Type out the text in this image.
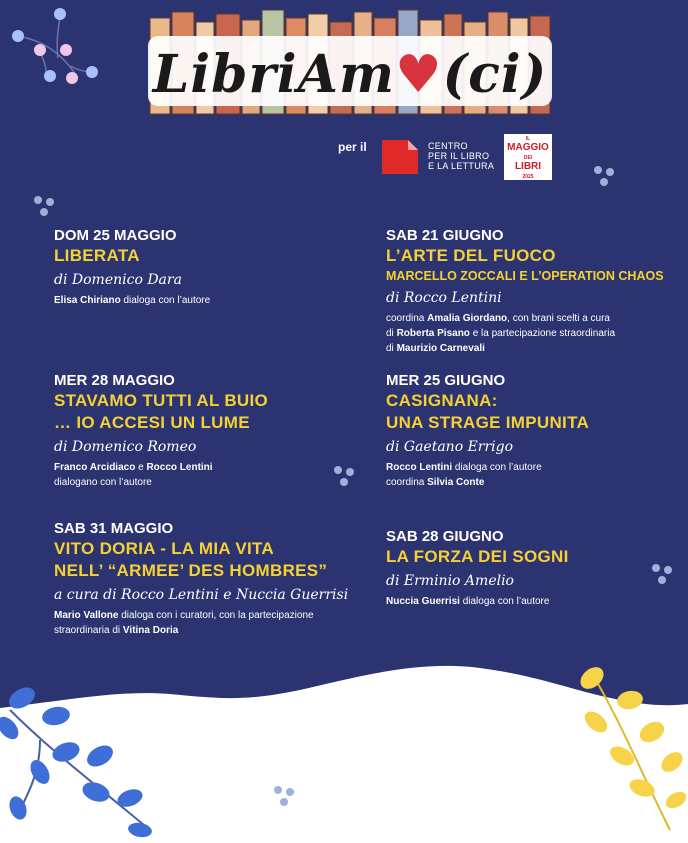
LibriAm♥(ci)
per il	CENTRO
PER IL LIBRO
E LA LETTURA
IL
MAGGIO
DEI
LIBRI
2025
DOM 25 MAGGIO
LIBERATA
di Domenico Dara
Elisa Chiriano dialoga con l’autore
MER 28 MAGGIO
STAVAMO TUTTI AL BUIO
… IO ACCESI UN LUME
di Domenico Romeo
Franco Arcidiaco e Rocco Lentini
dialogano con l’autore
SAB 31 MAGGIO
VITO DORIA - LA MIA VITA
NELL’ “ARMEE’ DES HOMBRES”
a cura di Rocco Lentini e Nuccia Guerrisi
Mario Vallone dialoga con i curatori, con la partecipazione
straordinaria di Vitina Doria
SAB 21 GIUGNO
L’ARTE DEL FUOCO
MARCELLO ZOCCALI E L’OPERATION CHAOS
di Rocco Lentini
coordina Amalia Giordano, con brani scelti a cura
di Roberta Pisano e la partecipazione straordinaria
di Maurizio Carnevali
MER 25 GIUGNO
CASIGNANA:
UNA STRAGE IMPUNITA
di Gaetano Errigo
Rocco Lentini dialoga con l’autore
coordina Silvia Conte
SAB 28 GIUGNO
LA FORZA DEI SOGNI
di Erminio Amelio
Nuccia Guerrisi dialoga con l’autore
Tutti gli eventi si svolgeranno
presso la Casa della Cultura di Tiriolo
alle ore 18.00
